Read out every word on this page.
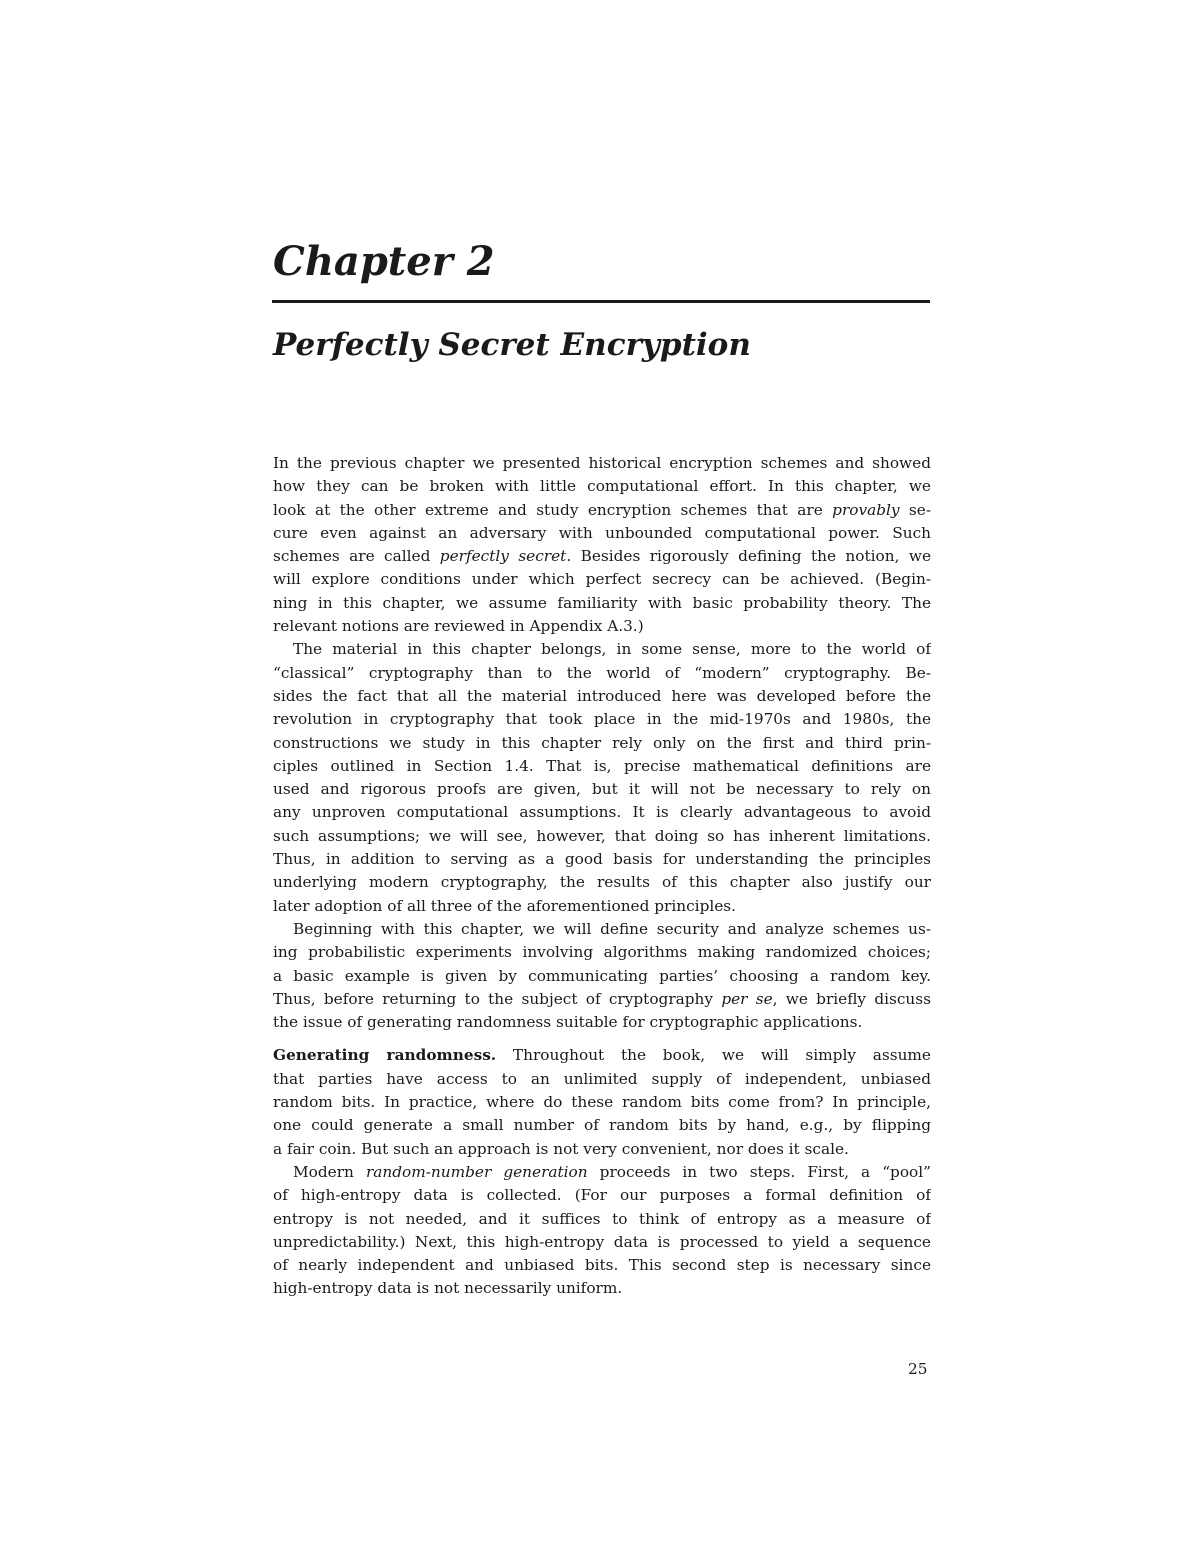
Chapter 2
Perfectly Secret Encryption
In the previous chapter we presented historical encryption schemes and showed
how they can be broken with little computational effort. In this chapter, we
look at the other extreme and study encryption schemes that are provably se-
cure even against an adversary with unbounded computational power. Such
schemes are called perfectly secret. Besides rigorously defining the notion, we
will explore conditions under which perfect secrecy can be achieved. (Begin-
ning in this chapter, we assume familiarity with basic probability theory. The
relevant notions are reviewed in Appendix A.3.)
The material in this chapter belongs, in some sense, more to the world of
“classical” cryptography than to the world of “modern” cryptography. Be-
sides the fact that all the material introduced here was developed before the
revolution in cryptography that took place in the mid-1970s and 1980s, the
constructions we study in this chapter rely only on the first and third prin-
ciples outlined in Section 1.4. That is, precise mathematical definitions are
used and rigorous proofs are given, but it will not be necessary to rely on
any unproven computational assumptions. It is clearly advantageous to avoid
such assumptions; we will see, however, that doing so has inherent limitations.
Thus, in addition to serving as a good basis for understanding the principles
underlying modern cryptography, the results of this chapter also justify our
later adoption of all three of the aforementioned principles.
Beginning with this chapter, we will define security and analyze schemes us-
ing probabilistic experiments involving algorithms making randomized choices;
a basic example is given by communicating parties’ choosing a random key.
Thus, before returning to the subject of cryptography per se, we briefly discuss
the issue of generating randomness suitable for cryptographic applications.
Generating randomness. Throughout the book, we will simply assume
that parties have access to an unlimited supply of independent, unbiased
random bits. In practice, where do these random bits come from? In principle,
one could generate a small number of random bits by hand, e.g., by flipping
a fair coin. But such an approach is not very convenient, nor does it scale.
Modern random-number generation proceeds in two steps. First, a “pool”
of high-entropy data is collected. (For our purposes a formal definition of
entropy is not needed, and it suffices to think of entropy as a measure of
unpredictability.) Next, this high-entropy data is processed to yield a sequence
of nearly independent and unbiased bits. This second step is necessary since
high-entropy data is not necessarily uniform.
25
